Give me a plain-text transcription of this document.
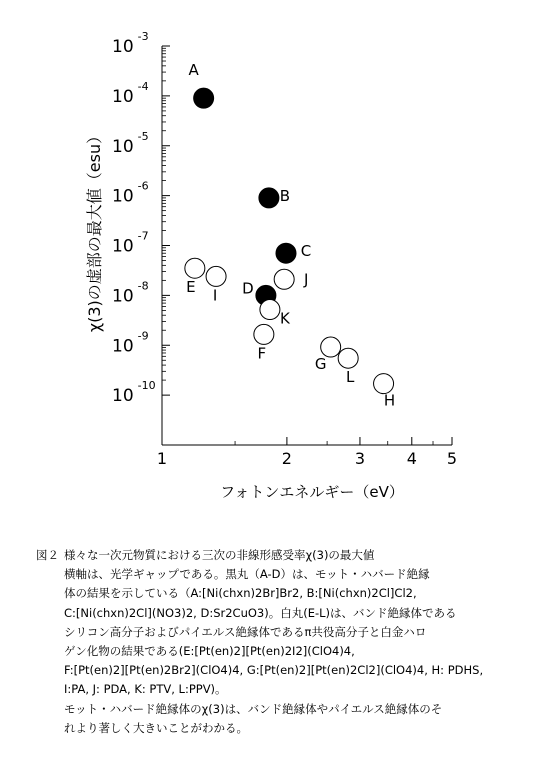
$10^{-3}$
$10^{-4}$
$10^{-5}$
$10^{-6}$
$10^{-7}$
$10^{-8}$
$10^{-9}$
$10^{-10}$
1	2	3	4 5
A
B
C
D
E I
J
K
F
G
L
H
フォトンエネルギー（eV）
χ(3)の虚部の最大値（esu）
図２ 様々な一次元物質における三次の非線形感受率χ(3)の最大値
横軸は、光学ギャップである。黒丸（A-D）は、モット・ハバード絶縁
体の結果を示している（A:[Ni(chxn)2Br]Br2, B:[Ni(chxn)2Cl]Cl2,
C:[Ni(chxn)2Cl](NO3)2, D:Sr2CuO3)。白丸(E-L)は、バンド絶縁体である
シリコン高分子およびパイエルス絶縁体であるπ共役高分子と白金ハロ
ゲン化物の結果である(E:[Pt(en)2][Pt(en)2I2](ClO4)4,
F:[Pt(en)2][Pt(en)2Br2](ClO4)4, G:[Pt(en)2][Pt(en)2Cl2](ClO4)4, H: PDHS,
I:PA, J: PDA, K: PTV, L:PPV)。
モット・ハバード絶縁体のχ(3)は、バンド絶縁体やパイエルス絶縁体のそ
れより著しく大きいことがわかる。
